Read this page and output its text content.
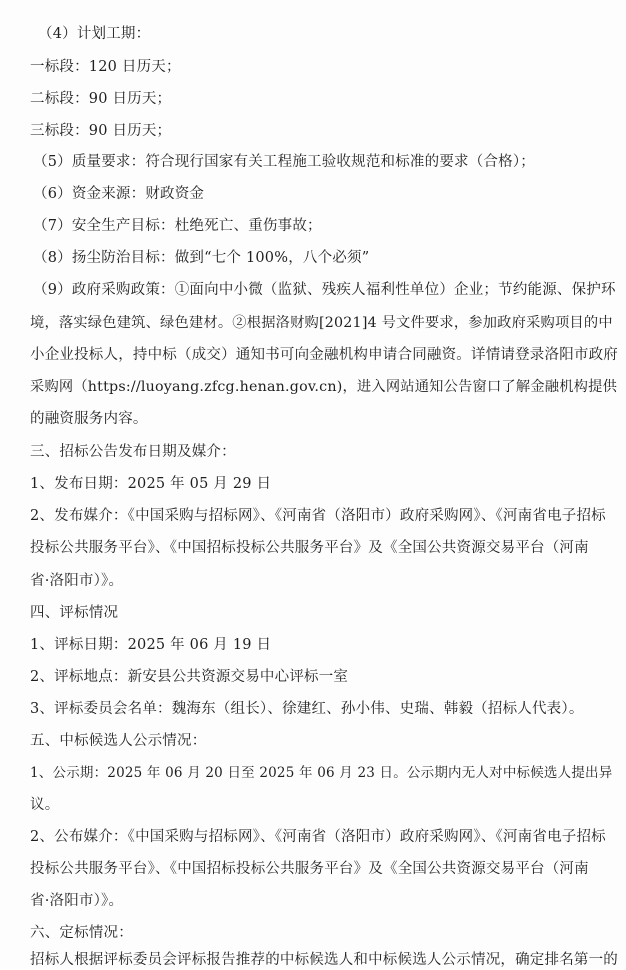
（4）计划工期：
一标段：120 日历天；
二标段：90 日历天；
三标段：90 日历天；
（5）质量要求：符合现行国家有关工程施工验收规范和标准的要求（合格）；
（6）资金来源：财政资金
（7）安全生产目标：杜绝死亡、重伤事故；
（8）扬尘防治目标：做到“七个 100%，八个必须”
（9）政府采购政策：①面向中小微（监狱、残疾人福利性单位）企业；节约能源、保护环
境，落实绿色建筑、绿色建材。②根据洛财购[2021]4 号文件要求，参加政府采购项目的中
小企业投标人，持中标（成交）通知书可向金融机构申请合同融资。详情请登录洛阳市政府
采购网（https://luoyang.zfcg.henan.gov.cn)，进入网站通知公告窗口了解金融机构提供
的融资服务内容。
三、招标公告发布日期及媒介：
1、发布日期：2025 年 05 月 29 日
2、发布媒介：《中国采购与招标网》、《河南省（洛阳市）政府采购网》、《河南省电子招标
投标公共服务平台》、《中国招标投标公共服务平台》及《全国公共资源交易平台（河南
省·洛阳市）》。
四、评标情况
1、评标日期：2025 年 06 月 19 日
2、评标地点：新安县公共资源交易中心评标一室
3、评标委员会名单：魏海东（组长）、徐建红、孙小伟、史瑞、韩毅（招标人代表）。
五、中标候选人公示情况：
1、公示期：2025 年 06 月 20 日至 2025 年 06 月 23 日。公示期内无人对中标候选人提出异
议。
2、公布媒介：《中国采购与招标网》、《河南省（洛阳市）政府采购网》、《河南省电子招标
投标公共服务平台》、《中国招标投标公共服务平台》及《全国公共资源交易平台（河南
省·洛阳市）》。
六、定标情况：
招标人根据评标委员会评标报告推荐的中标候选人和中标候选人公示情况，确定排名第一的
